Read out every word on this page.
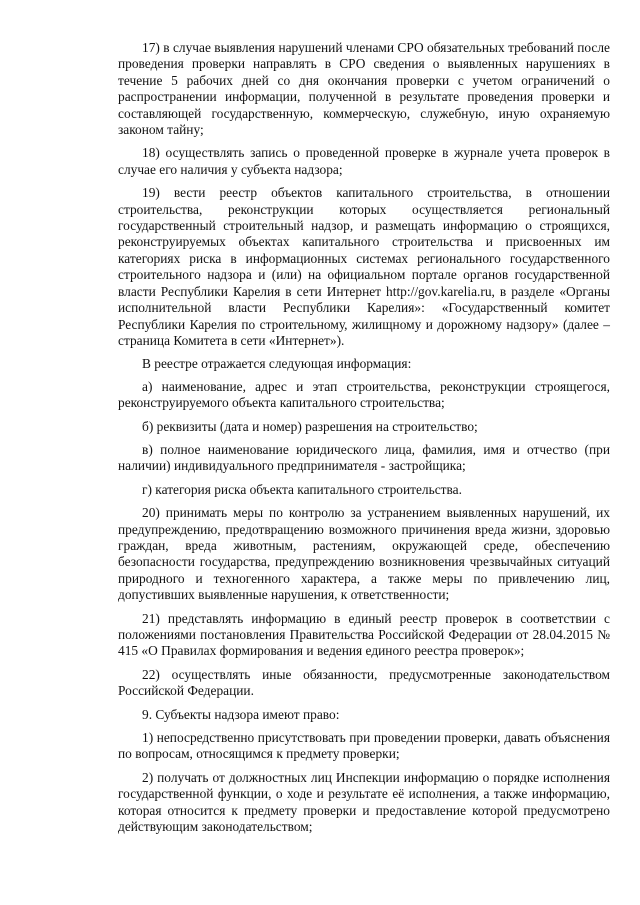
17) в случае выявления нарушений членами СРО обязательных требований после проведения проверки направлять в СРО сведения о выявленных нарушениях в течение 5 рабочих дней со дня окончания проверки с учетом ограничений о распространении информации, полученной в результате проведения проверки и составляющей государственную, коммерческую, служебную, иную охраняемую законом тайну;

18) осуществлять запись о проведенной проверке в журнале учета проверок в случае его наличия у субъекта надзора;

19) вести реестр объектов капитального строительства, в отношении строительства, реконструкции которых осуществляется региональный государственный строительный надзор, и размещать информацию о строящихся, реконструируемых объектах капитального строительства и присвоенных им категориях риска в информационных системах регионального государственного строительного надзора и (или) на официальном портале органов государственной власти Республики Карелия в сети Интернет http://gov.karelia.ru, в разделе «Органы исполнительной власти Республики Карелия»: «Государственный комитет Республики Карелия по строительному, жилищному и дорожному надзору» (далее – страница Комитета в сети «Интернет»).

В реестре отражается следующая информация:

а) наименование, адрес и этап строительства, реконструкции строящегося, реконструируемого объекта капитального строительства;

б) реквизиты (дата и номер) разрешения на строительство;

в) полное наименование юридического лица, фамилия, имя и отчество (при наличии) индивидуального предпринимателя - застройщика;

г) категория риска объекта капитального строительства.

20) принимать меры по контролю за устранением выявленных нарушений, их предупреждению, предотвращению возможного причинения вреда жизни, здоровью граждан, вреда животным, растениям, окружающей среде, обеспечению безопасности государства, предупреждению возникновения чрезвычайных ситуаций природного и техногенного характера, а также меры по привлечению лиц, допустивших выявленные нарушения, к ответственности;

21) представлять информацию в единый реестр проверок в соответствии с положениями постановления Правительства Российской Федерации от 28.04.2015 № 415 «О Правилах формирования и ведения единого реестра проверок»;

22) осуществлять иные обязанности, предусмотренные законодательством Российской Федерации.

9. Субъекты надзора имеют право:

1) непосредственно присутствовать при проведении проверки, давать объяснения по вопросам, относящимся к предмету проверки;

2) получать от должностных лиц Инспекции информацию о порядке исполнения государственной функции, о ходе и результате её исполнения, а также информацию, которая относится к предмету проверки и предоставление которой предусмотрено действующим законодательством;
